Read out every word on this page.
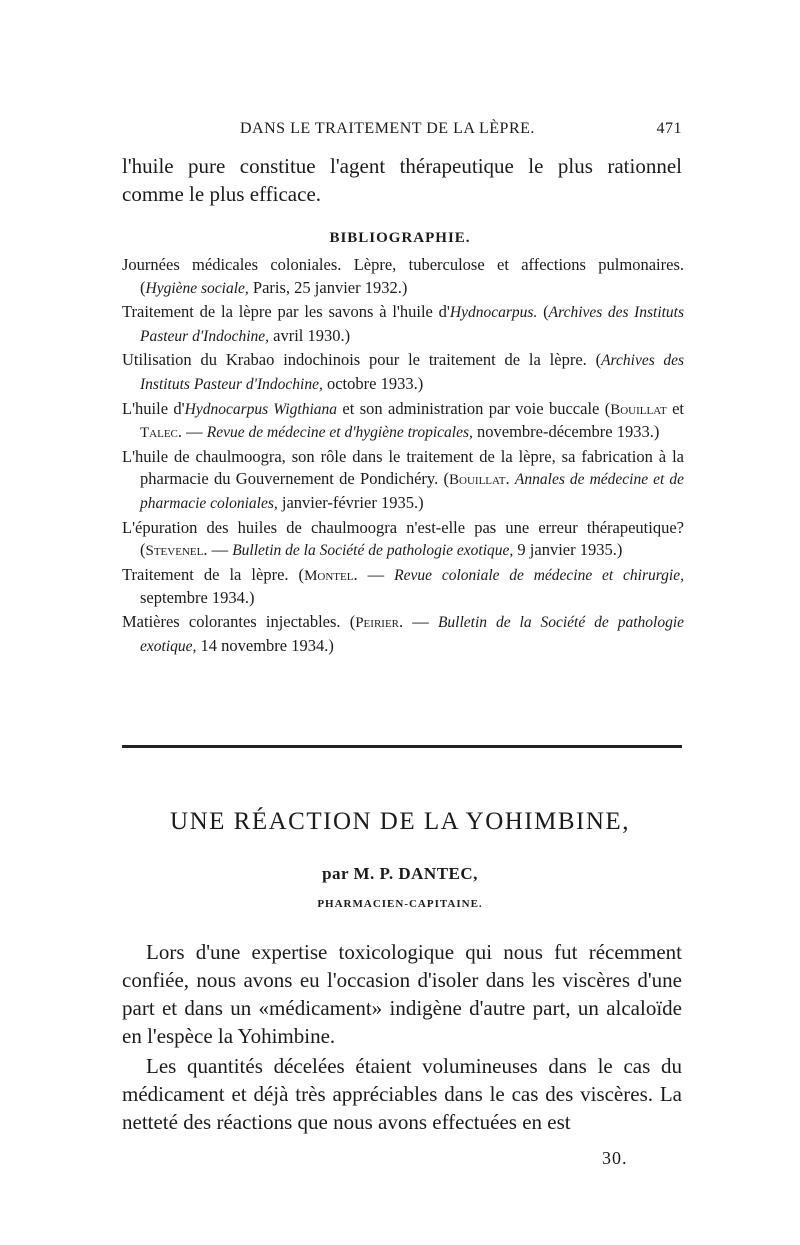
DANS LE TRAITEMENT DE LA LÈPRE.	471
l'huile pure constitue l'agent thérapeutique le plus rationnel comme le plus efficace.
BIBLIOGRAPHIE.
Journées médicales coloniales. Lèpre, tuberculose et affections pulmonaires. (Hygiène sociale, Paris, 25 janvier 1932.)
Traitement de la lèpre par les savons à l'huile d'Hydnocarpus. (Archives des Instituts Pasteur d'Indochine, avril 1930.)
Utilisation du Krabao indochinois pour le traitement de la lèpre. (Archives des Instituts Pasteur d'Indochine, octobre 1933.)
L'huile d'Hydnocarpus Wigthiana et son administration par voie buccale (Bouillat et Talec. — Revue de médecine et d'hygiène tropicales, novembre-décembre 1933.)
L'huile de chaulmoogra, son rôle dans le traitement de la lèpre, sa fabrication à la pharmacie du Gouvernement de Pondichéry. (Bouillat. Annales de médecine et de pharmacie coloniales, janvier-février 1935.)
L'épuration des huiles de chaulmoogra n'est-elle pas une erreur thérapeutique? (Stevenel. — Bulletin de la Société de pathologie exotique, 9 janvier 1935.)
Traitement de la lèpre. (Montel. — Revue coloniale de médecine et chirurgie, septembre 1934.)
Matières colorantes injectables. (Peirier. — Bulletin de la Société de pathologie exotique, 14 novembre 1934.)
UNE RÉACTION DE LA YOHIMBINE,
par M. P. DANTEC,
PHARMACIEN-CAPITAINE.

Lors d'une expertise toxicologique qui nous fut récemment confiée, nous avons eu l'occasion d'isoler dans les viscères d'une part et dans un «médicament» indigène d'autre part, un alcaloïde en l'espèce la Yohimbine.

Les quantités décelées étaient volumineuses dans le cas du médicament et déjà très appréciables dans le cas des viscères. La netteté des réactions que nous avons effectuées en est

30.
